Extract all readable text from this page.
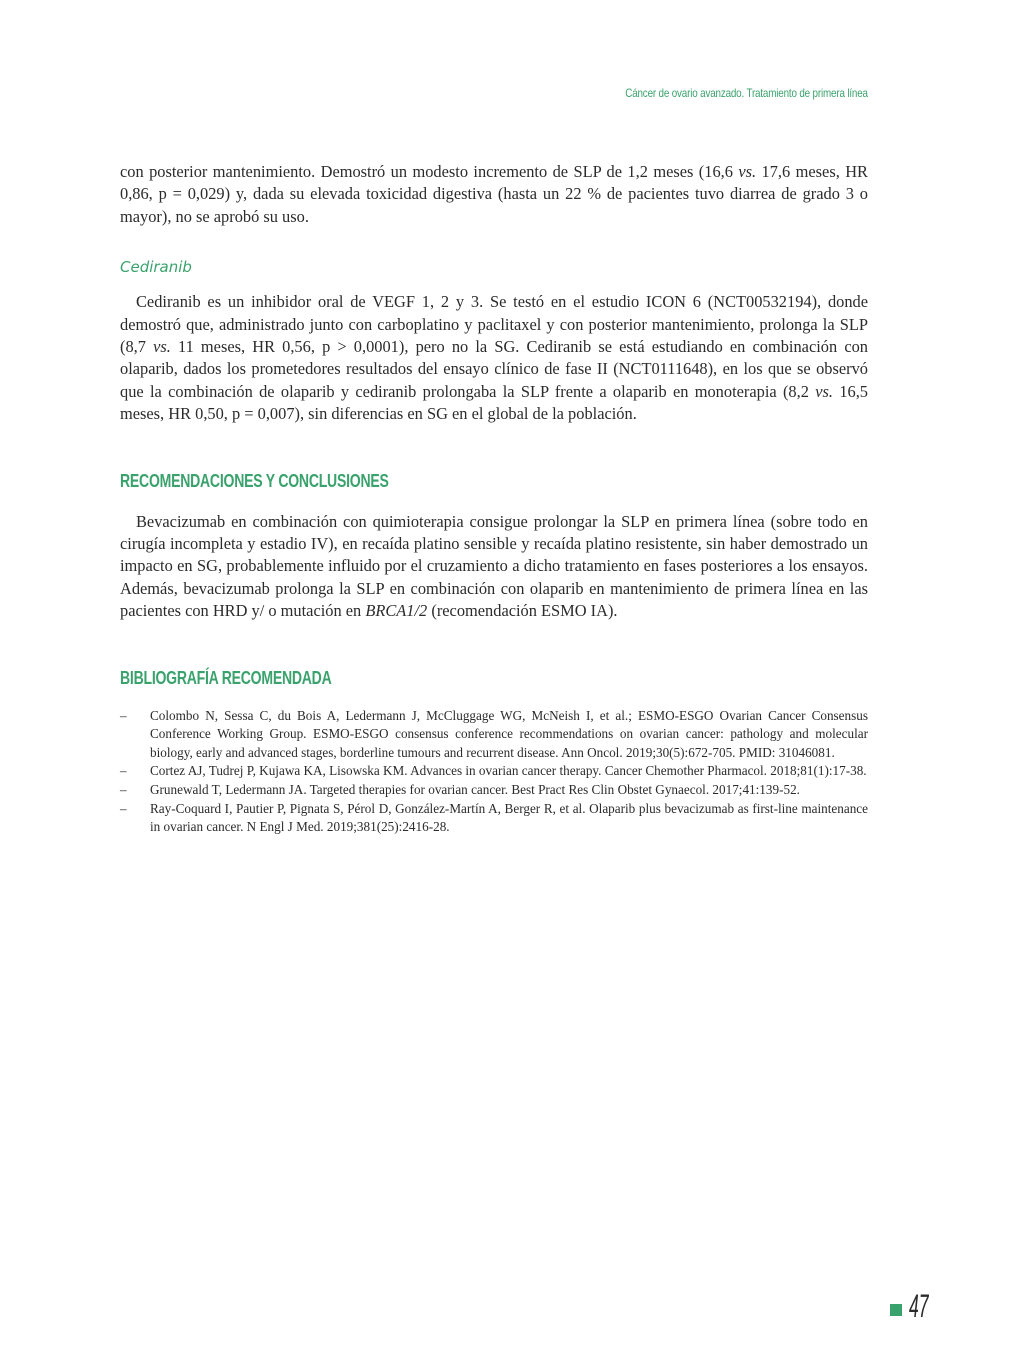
Cáncer de ovario avanzado. Tratamiento de primera línea

con posterior mantenimiento. Demostró un modesto incremento de SLP de 1,2 meses (16,6 vs. 17,6 meses, HR 0,86, p = 0,029) y, dada su elevada toxicidad digestiva (hasta un 22 % de pacientes tuvo diarrea de grado 3 o mayor), no se aprobó su uso.

Cediranib

Cediranib es un inhibidor oral de VEGF 1, 2 y 3. Se testó en el estudio ICON 6 (NCT00532194), donde demostró que, administrado junto con carboplatino y paclitaxel y con posterior mantenimiento, prolonga la SLP (8,7 vs. 11 meses, HR 0,56, p > 0,0001), pero no la SG. Cediranib se está estudiando en combinación con olaparib, dados los prometedores resultados del ensayo clínico de fase II (NCT0111648), en los que se observó que la combinación de olaparib y cediranib prolongaba la SLP frente a olaparib en monoterapia (8,2 vs. 16,5 meses, HR 0,50, p = 0,007), sin diferencias en SG en el global de la población.

RECOMENDACIONES Y CONCLUSIONES

Bevacizumab en combinación con quimioterapia consigue prolongar la SLP en primera línea (sobre todo en cirugía incompleta y estadio IV), en recaída platino sensible y recaída platino resistente, sin haber demostrado un impacto en SG, probablemente influido por el cruzamiento a dicho tratamiento en fases posteriores a los ensayos. Además, bevacizumab prolonga la SLP en combinación con olaparib en mantenimiento de primera línea en las pacientes con HRD y/ o mutación en BRCA1/2 (recomendación ESMO IA).

BIBLIOGRAFÍA RECOMENDADA
– Colombo N, Sessa C, du Bois A, Ledermann J, McCluggage WG, McNeish I, et al.; ESMO-ESGO Ovarian Cancer Consensus Conference Working Group. ESMO-ESGO consensus conference recommendations on ovarian cancer: pathology and molecular biology, early and advanced stages, borderline tumours and recurrent disease. Ann Oncol. 2019;30(5):672-705. PMID: 31046081.
– Cortez AJ, Tudrej P, Kujawa KA, Lisowska KM. Advances in ovarian cancer therapy. Cancer Chemother Pharmacol. 2018;81(1):17-38.
– Grunewald T, Ledermann JA. Targeted therapies for ovarian cancer. Best Pract Res Clin Obstet Gynaecol. 2017;41:139-52.
– Ray-Coquard I, Pautier P, Pignata S, Pérol D, González-Martín A, Berger R, et al. Olaparib plus bevacizumab as first-line maintenance in ovarian cancer. N Engl J Med. 2019;381(25):2416-28.
47
